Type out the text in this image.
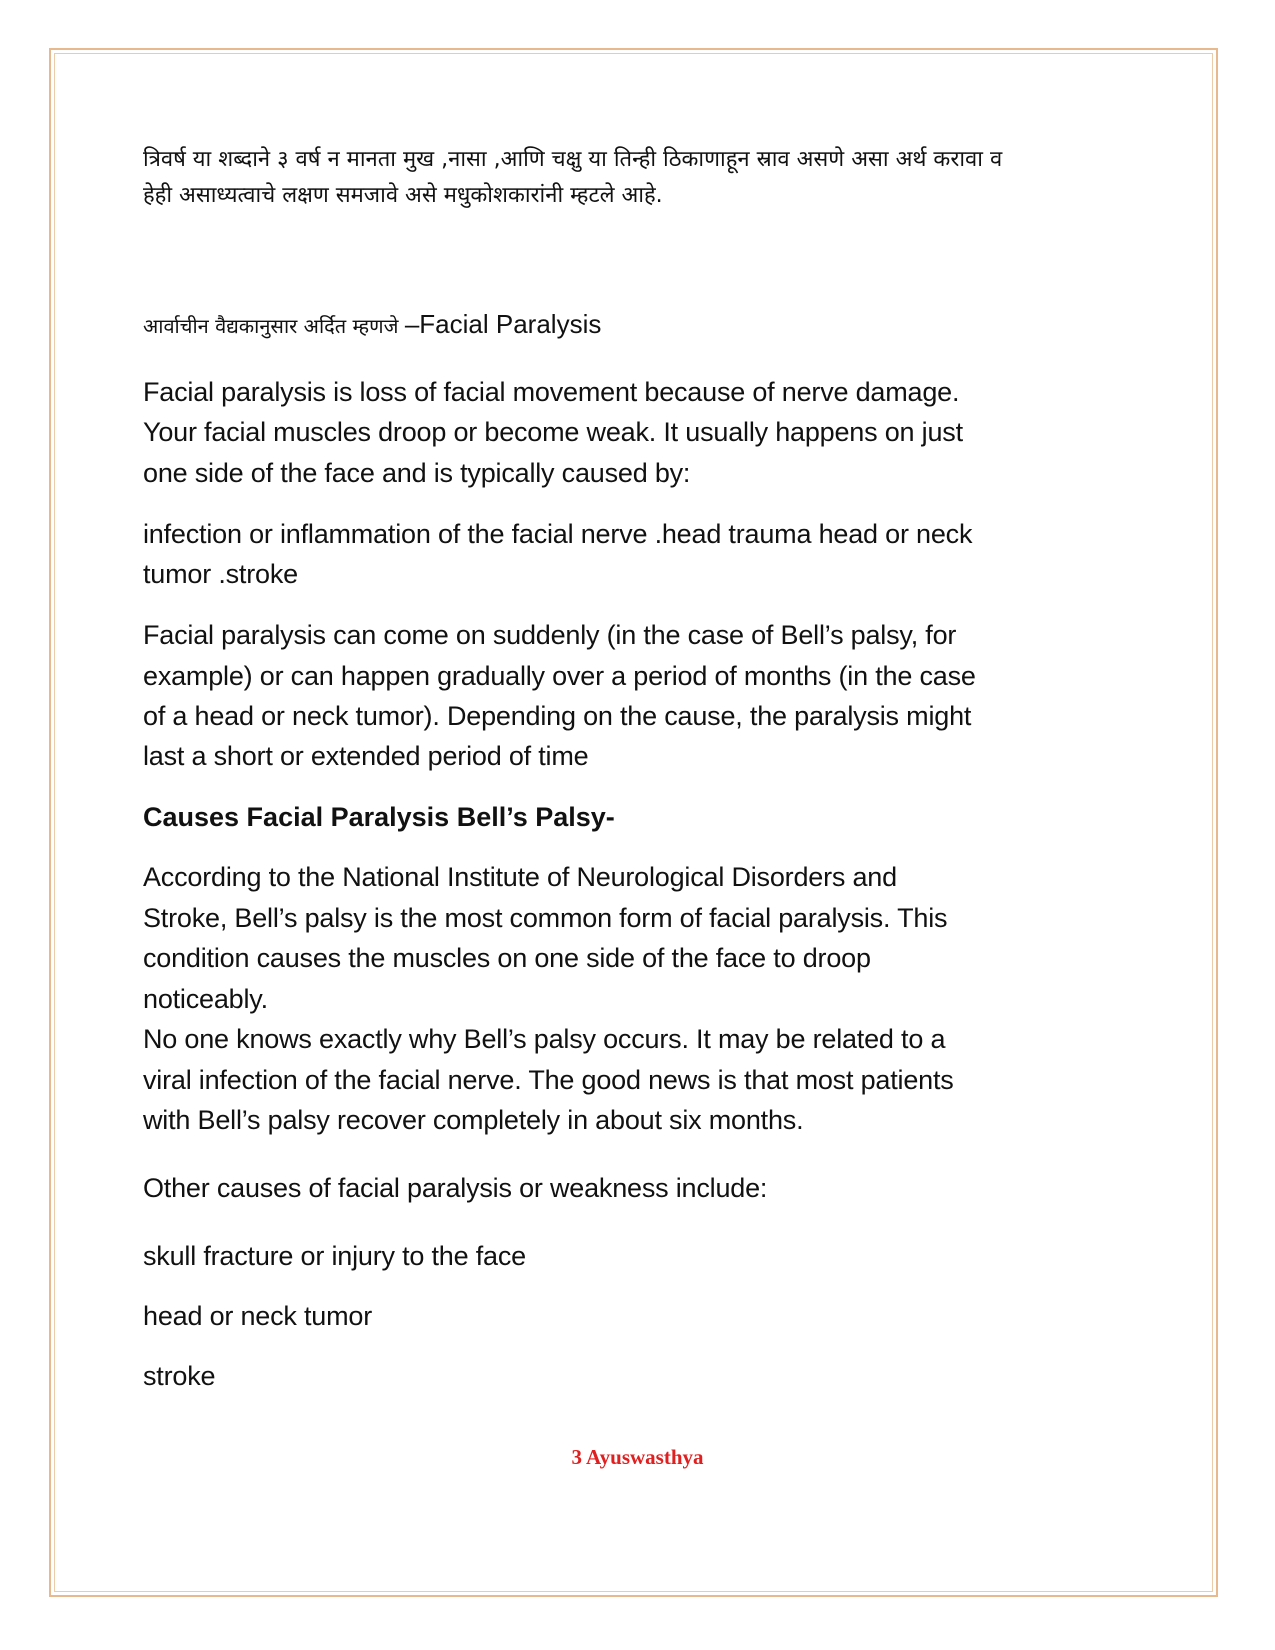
त्रिवर्ष या शब्दाने ३ वर्ष न मानता मुख ,नासा ,आणि चक्षु या तिन्ही ठिकाणाहून स्राव असणे असा अर्थ करावा व

हेही असाध्यत्वाचे लक्षण समजावे असे मधुकोशकारांनी म्हटले आहे.

आर्वाचीन वैद्यकानुसार अर्दित म्हणजे –Facial Paralysis

Facial paralysis is loss of facial movement because of nerve damage.

Your facial muscles droop or become weak. It usually happens on just

one side of the face and is typically caused by:

infection or inflammation of the facial nerve .head trauma head or neck

tumor .stroke

Facial paralysis can come on suddenly (in the case of Bell’s palsy, for

example) or can happen gradually over a period of months (in the case

of a head or neck tumor). Depending on the cause, the paralysis might

last a short or extended period of time

Causes Facial Paralysis Bell’s Palsy-

According to the National Institute of Neurological Disorders and

Stroke, Bell’s palsy is the most common form of facial paralysis. This

condition causes the muscles on one side of the face to droop

noticeably.

No one knows exactly why Bell’s palsy occurs. It may be related to a

viral infection of the facial nerve. The good news is that most patients

with Bell’s palsy recover completely in about six months.

Other causes of facial paralysis or weakness include:

skull fracture or injury to the face

head or neck tumor

stroke

3 Ayuswasthya
